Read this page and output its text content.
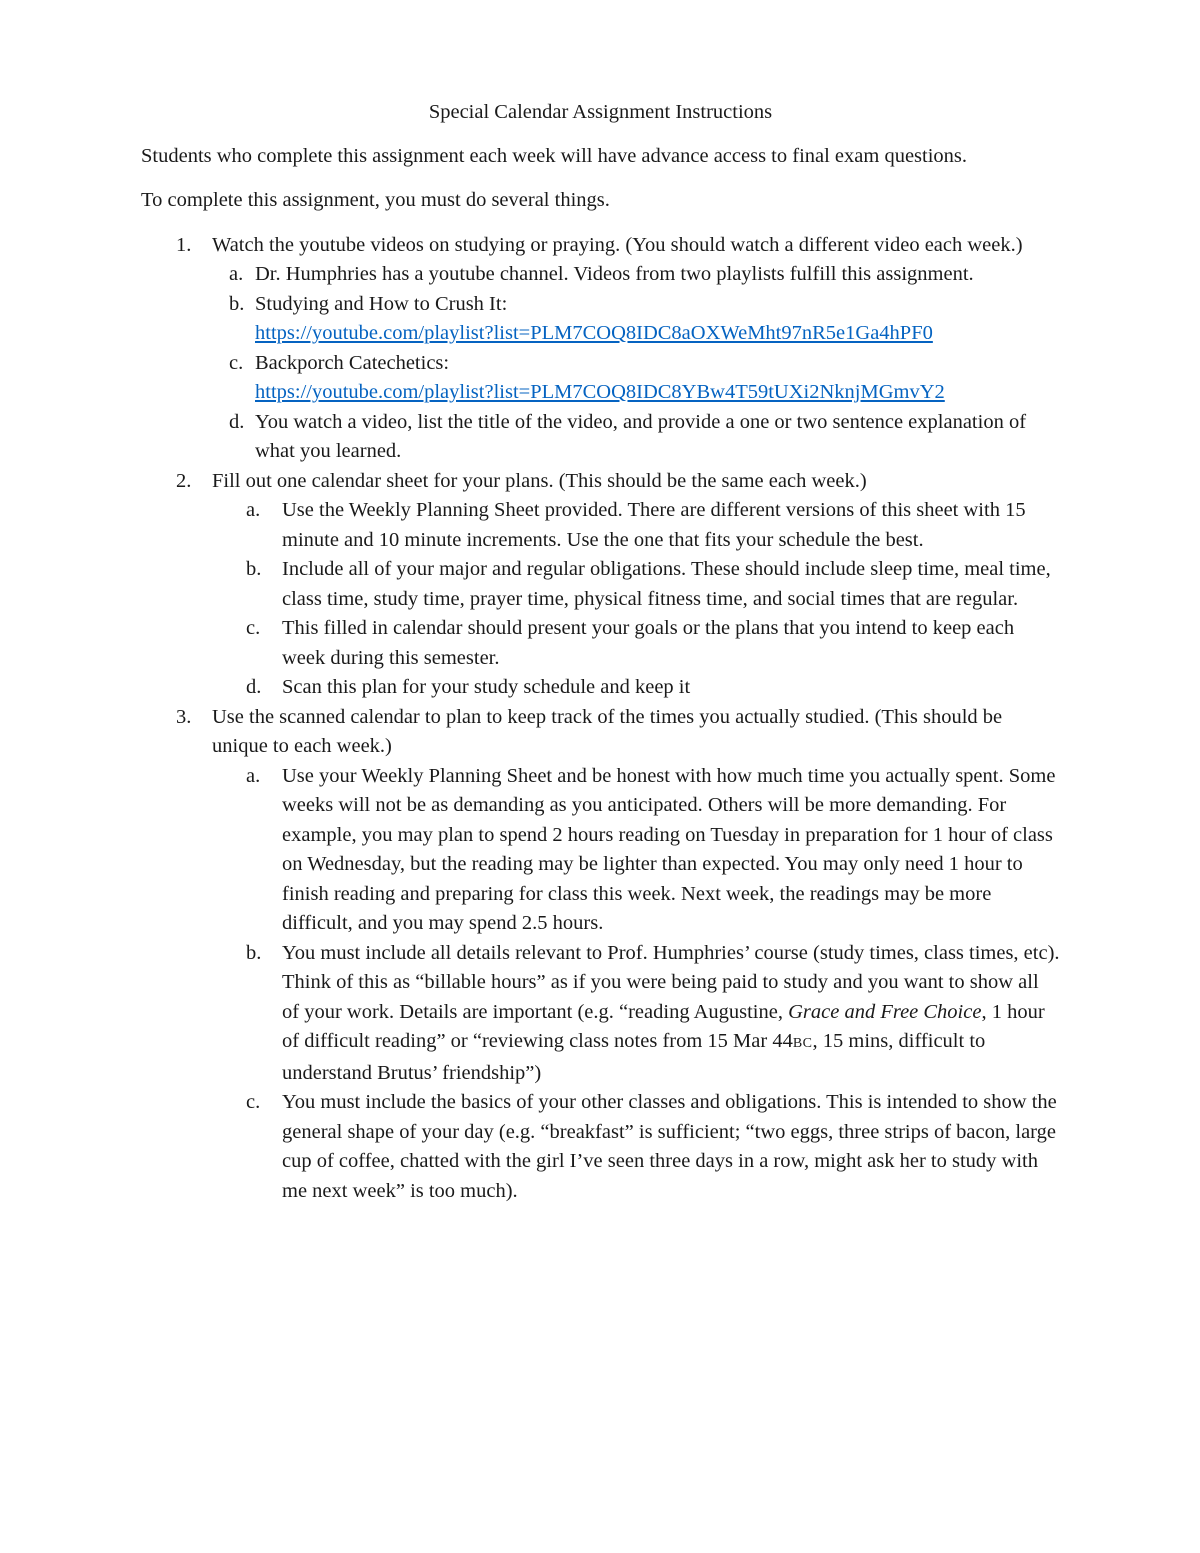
Special Calendar Assignment Instructions

Students who complete this assignment each week will have advance access to final exam questions.

To complete this assignment, you must do several things.

1. Watch the youtube videos on studying or praying. (You should watch a different video each week.)
a. Dr. Humphries has a youtube channel. Videos from two playlists fulfill this assignment.
b. Studying and How to Crush It:
https://youtube.com/playlist?list=PLM7COQ8IDC8aOXWeMht97nR5e1Ga4hPF0
c. Backporch Catechetics:
https://youtube.com/playlist?list=PLM7COQ8IDC8YBw4T59tUXi2NknjMGmvY2
d. You watch a video, list the title of the video, and provide a one or two sentence explanation of what you learned.
2. Fill out one calendar sheet for your plans. (This should be the same each week.)
a. Use the Weekly Planning Sheet provided. There are different versions of this sheet with 15 minute and 10 minute increments. Use the one that fits your schedule the best.
b. Include all of your major and regular obligations. These should include sleep time, meal time, class time, study time, prayer time, physical fitness time, and social times that are regular.
c. This filled in calendar should present your goals or the plans that you intend to keep each week during this semester.
d. Scan this plan for your study schedule and keep it
3. Use the scanned calendar to plan to keep track of the times you actually studied. (This should be unique to each week.)
a. Use your Weekly Planning Sheet and be honest with how much time you actually spent. Some weeks will not be as demanding as you anticipated. Others will be more demanding. For example, you may plan to spend 2 hours reading on Tuesday in preparation for 1 hour of class on Wednesday, but the reading may be lighter than expected. You may only need 1 hour to finish reading and preparing for class this week. Next week, the readings may be more difficult, and you may spend 2.5 hours.
b. You must include all details relevant to Prof. Humphries’ course (study times, class times, etc). Think of this as “billable hours” as if you were being paid to study and you want to show all of your work. Details are important (e.g. “reading Augustine, Grace and Free Choice, 1 hour of difficult reading” or “reviewing class notes from 15 Mar 44BC, 15 mins, difficult to understand Brutus’ friendship”)
c. You must include the basics of your other classes and obligations. This is intended to show the general shape of your day (e.g. “breakfast” is sufficient; “two eggs, three strips of bacon, large cup of coffee, chatted with the girl I’ve seen three days in a row, might ask her to study with me next week” is too much).
